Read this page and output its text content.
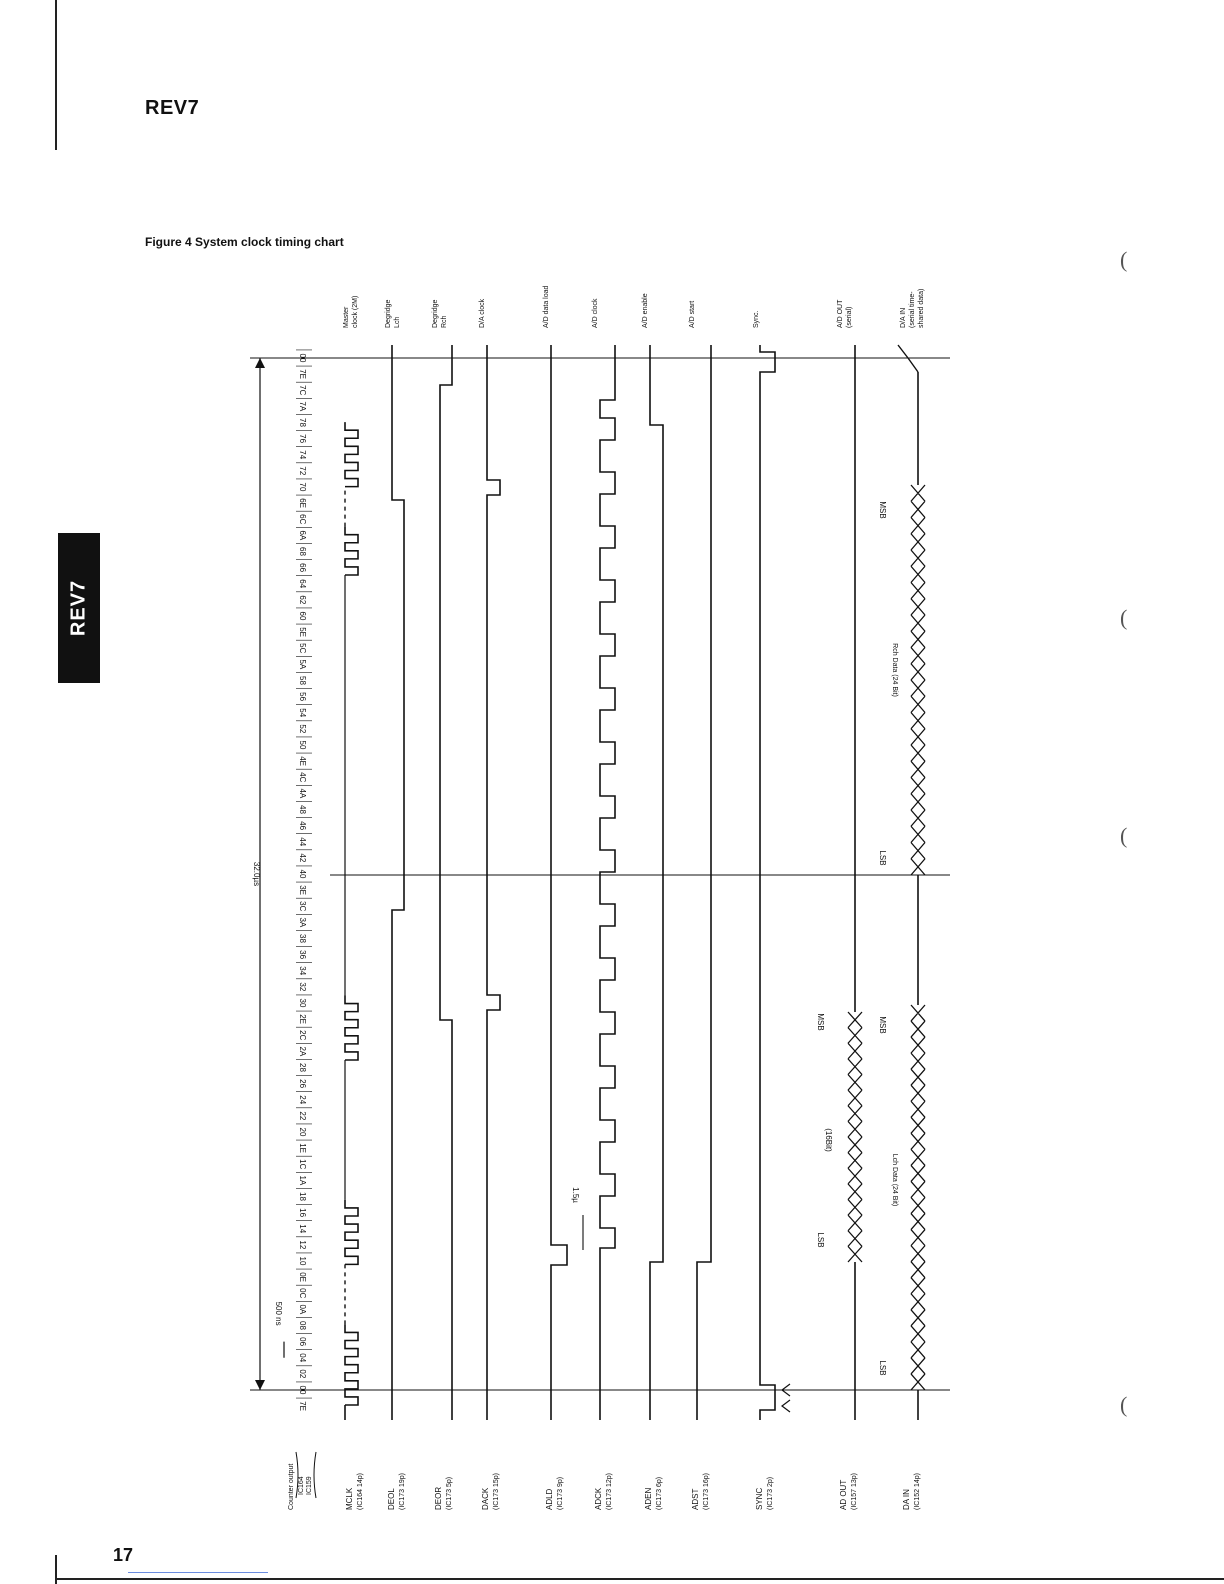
REV7
Figure 4 System clock timing chart
REV7
17
(
(
(
(
7E
00
02
04
06
08
0A
0C
0E
10
12
14
16
18
1A
1C
1E
20
22
24
26
28
2A
2C
2E
30
32
34
36
38
3A
3C
3E
40
42
44
46
48
4A
4C
4E
50
52
54
56
58
5A
5C
5E
60
62
64
66
68
6A
6C
6E
70
72
74
76
78
7A
7C
7E
00
32.0µs
500 ns
1.5µ
LSB
MSB
(16Bit)
LSB
MSB
Lch Data (24 Bit)
LSB
MSB
Rch Data (24 Bit)
MCLK (IC164 14p)
Master clock (2M)
DEOL (IC173 19p)
Degridge Lch
DEOR (IC173 5p)
Degridge Rch
DACK (IC173 15p)
D/A clock
ADLD (IC173 9p)
A/D data load
ADCK (IC173 12p)
A/D clock
ADEN (IC173 6p)
A/D enable
ADST (IC173 16p)
A/D start
SYNC (IC173 2p)
Sync.
AD OUT (IC157 13p)
A/D OUT (serial)
DA IN (IC152 14p)
D/A IN (serial time- shared data)
Counter output IC164 IC159
